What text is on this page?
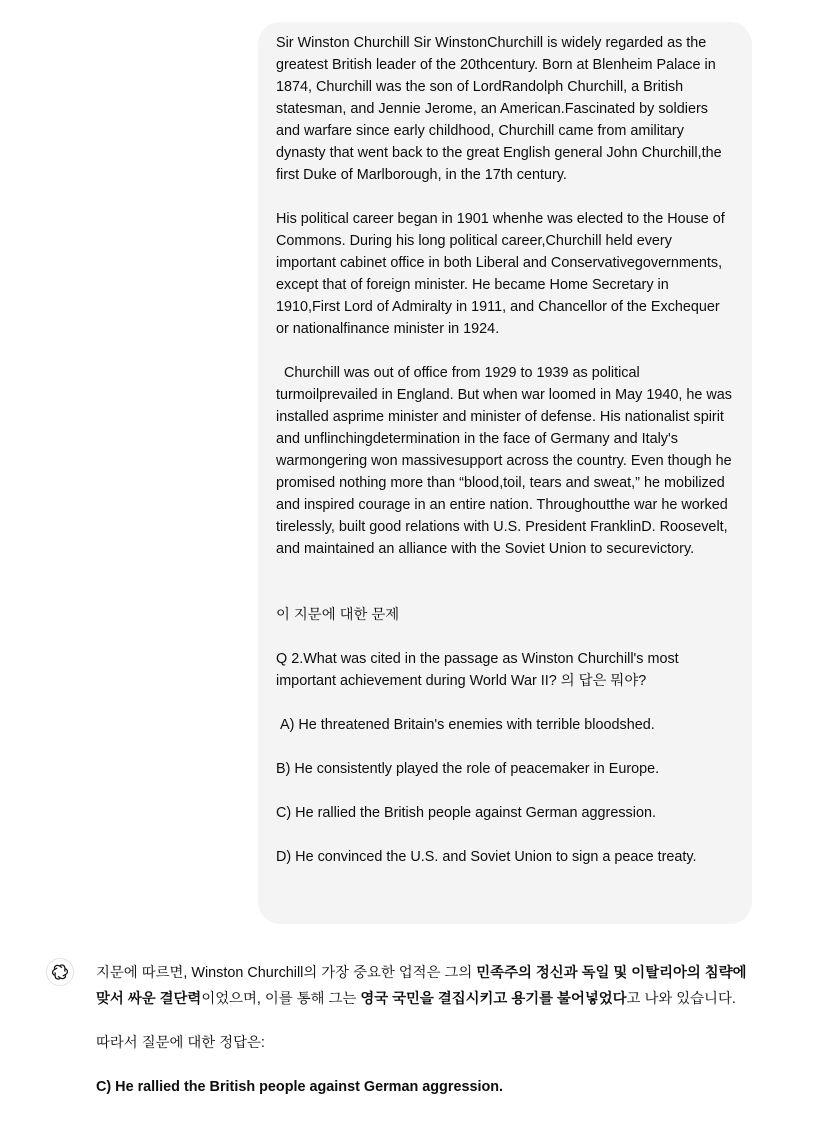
Sir Winston Churchill Sir WinstonChurchill is widely regarded as the greatest British leader of the 20thcentury. Born at Blenheim Palace in 1874, Churchill was the son of LordRandolph Churchill, a British statesman, and Jennie Jerome, an American.Fascinated by soldiers and warfare since early childhood, Churchill came from amilitary dynasty that went back to the great English general John Churchill,the first Duke of Marlborough, in the 17th century.

His political career began in 1901 whenhe was elected to the House of Commons. During his long political career,Churchill held every important cabinet office in both Liberal and Conservativegovernments, except that of foreign minister. He became Home Secretary in 1910,First Lord of Admiralty in 1911, and Chancellor of the Exchequer or nationalfinance minister in 1924.

Churchill was out of office from 1929 to 1939 as political turmoilprevailed in England. But when war loomed in May 1940, he was installed asprime minister and minister of defense. His nationalist spirit and unflinchingdetermination in the face of Germany and Italy's warmongering won massivesupport across the country. Even though he promised nothing more than “blood,toil, tears and sweat,” he mobilized and inspired courage in an entire nation. Throughoutthe war he worked tirelessly, built good relations with U.S. President FranklinD. Roosevelt, and maintained an alliance with the Soviet Union to securevictory.

이 지문에 대한 문제

Q 2.What was cited in the passage as Winston Churchill's most important achievement during World War II? 의 답은 뭐야?

A) He threatened Britain's enemies with terrible bloodshed.

B) He consistently played the role of peacemaker in Europe.

C) He rallied the British people against German aggression.

D) He convinced the U.S. and Soviet Union to sign a peace treaty.

지문에 따르면, Winston Churchill의 가장 중요한 업적은 그의 민족주의 정신과 독일 및 이탈리아의 침략에 맞서 싸운 결단력이었으며, 이를 통해 그는 영국 국민을 결집시키고 용기를 불어넣었다고 나와 있습니다.

따라서 질문에 대한 정답은:

C) He rallied the British people against German aggression.
